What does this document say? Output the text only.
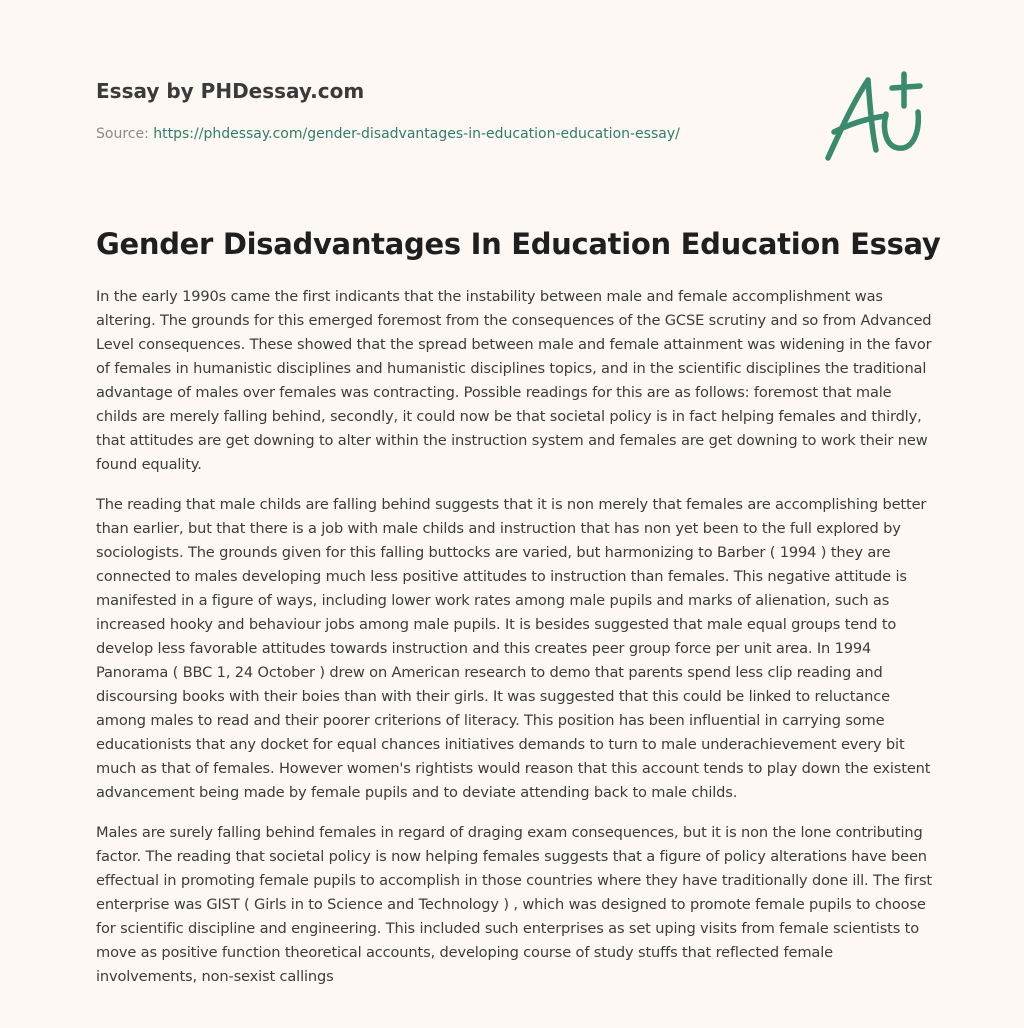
Essay by PHDessay.com

Source: https://phdessay.com/gender-disadvantages-in-education-education-essay/

Gender Disadvantages In Education Education Essay

In the early 1990s came the first indicants that the instability between male and female accomplishment was altering. The grounds for this emerged foremost from the consequences of the GCSE scrutiny and so from Advanced Level consequences. These showed that the spread between male and female attainment was widening in the favor of females in humanistic disciplines and humanistic disciplines topics, and in the scientific disciplines the traditional advantage of males over females was contracting. Possible readings for this are as follows: foremost that male childs are merely falling behind, secondly, it could now be that societal policy is in fact helping females and thirdly, that attitudes are get downing to alter within the instruction system and females are get downing to work their new found equality.

The reading that male childs are falling behind suggests that it is non merely that females are accomplishing better than earlier, but that there is a job with male childs and instruction that has non yet been to the full explored by sociologists. The grounds given for this falling buttocks are varied, but harmonizing to Barber ( 1994 ) they are connected to males developing much less positive attitudes to instruction than females. This negative attitude is manifested in a figure of ways, including lower work rates among male pupils and marks of alienation, such as increased hooky and behaviour jobs among male pupils. It is besides suggested that male equal groups tend to develop less favorable attitudes towards instruction and this creates peer group force per unit area. In 1994 Panorama ( BBC 1, 24 October ) drew on American research to demo that parents spend less clip reading and discoursing books with their boies than with their girls. It was suggested that this could be linked to reluctance among males to read and their poorer criterions of literacy. This position has been influential in carrying some educationists that any docket for equal chances initiatives demands to turn to male underachievement every bit much as that of females. However women's rightists would reason that this account tends to play down the existent advancement being made by female pupils and to deviate attending back to male childs.

Males are surely falling behind females in regard of draging exam consequences, but it is non the lone contributing factor. The reading that societal policy is now helping females suggests that a figure of policy alterations have been effectual in promoting female pupils to accomplish in those countries where they have traditionally done ill. The first enterprise was GIST ( Girls in to Science and Technology ) , which was designed to promote female pupils to choose for scientific discipline and engineering. This included such enterprises as set uping visits from female scientists to move as positive function theoretical accounts, developing course of study stuffs that reflected female involvements, non-sexist callings
